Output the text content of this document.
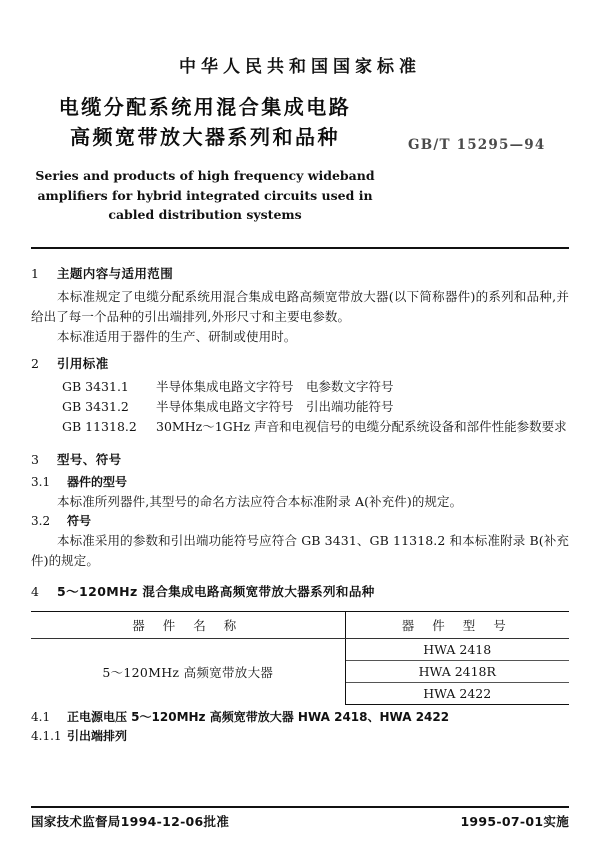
中华人民共和国国家标准
电缆分配系统用混合集成电路
高频宽带放大器系列和品种	GB/T 15295—94
Series and products of high frequency wideband
amplifiers for hybrid integrated circuits used in
cabled distribution systems
1	主题内容与适用范围

本标准规定了电缆分配系统用混合集成电路高频宽带放大器(以下简称器件)的系列和品种,并给出了每一个品种的引出端排列,外形尺寸和主要电参数。

本标准适用于器件的生产、研制或使用时。

2	引用标准
GB 3431.1 半导体集成电路文字符号　电参数文字符号
GB 3431.2 半导体集成电路文字符号　引出端功能符号
GB 11318.2 30MHz～1GHz 声音和电视信号的电缆分配系统设备和部件性能参数要求
3	型号、符号
3.1	器件的型号

本标准所列器件,其型号的命名方法应符合本标准附录 A(补充件)的规定。

3.2	符号

本标准采用的参数和引出端功能符号应符合 GB 3431、GB 11318.2 和本标准附录 B(补充件)的规定。

4	5～120MHz 混合集成电路高频宽带放大器系列和品种
器 件 名 称	器 件 型 号
5～120MHz 高频宽带放大器	HWA 2418
	HWA 2418R
	HWA 2422
4.1	正电源电压 5～120MHz 高频宽带放大器 HWA 2418、HWA 2422
4.1.1 引出端排列
国家技术监督局1994-12-06批准	1995-07-01实施
